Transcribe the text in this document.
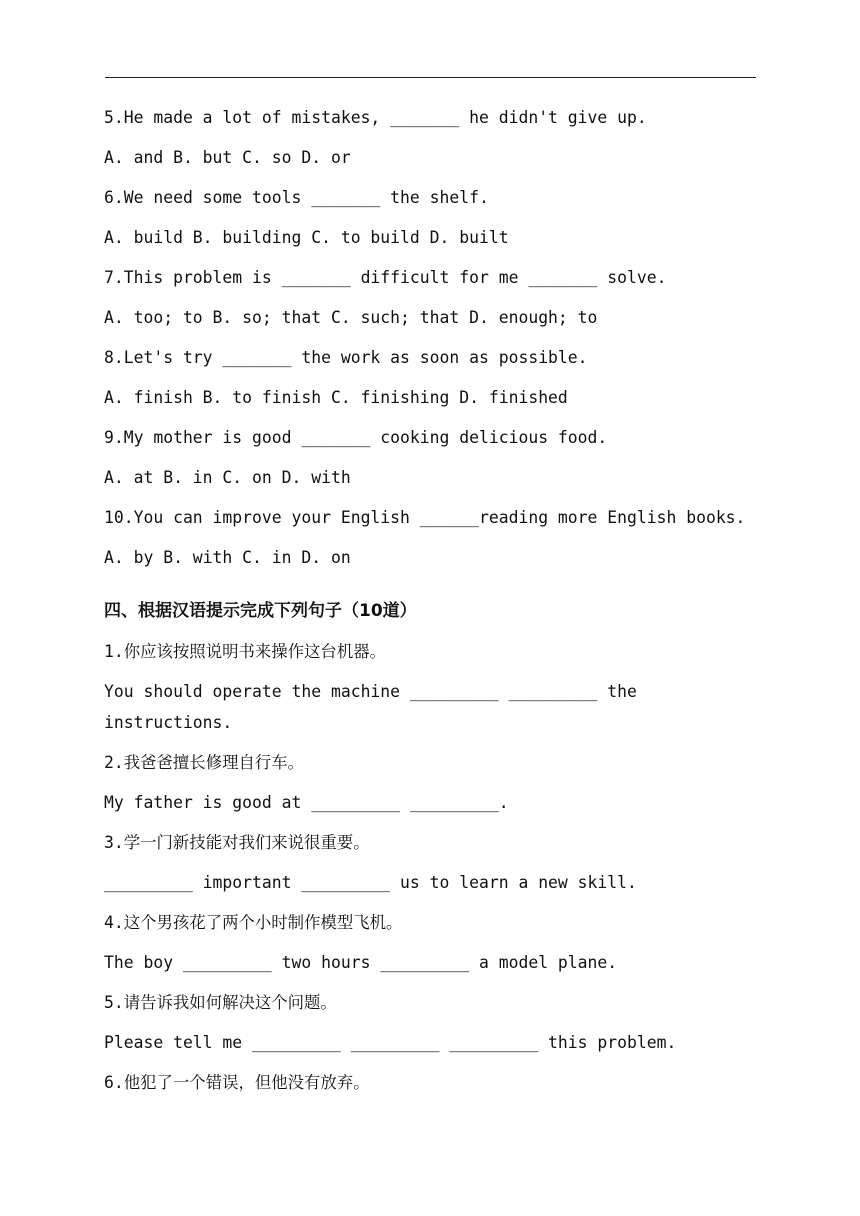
5.He made a lot of mistakes, _______ he didn't give up.
A. and B. but C. so D. or
6.We need some tools _______ the shelf.
A. build B. building C. to build D. built
7.This problem is _______ difficult for me _______ solve.
A. too; to B. so; that C. such; that D. enough; to
8.Let's try _______ the work as soon as possible.
A. finish B. to finish C. finishing D. finished
9.My mother is good _______ cooking delicious food.
A. at B. in C. on D. with
10.You can improve your English ______reading more English books.
A. by B. with C. in D. on
四、根据汉语提示完成下列句子（10道）
1.你应该按照说明书来操作这台机器。
You should operate the machine _________ _________ the instructions.
2.我爸爸擅长修理自行车。
My father is good at _________ _________.
3.学一门新技能对我们来说很重要。
_________ important _________ us to learn a new skill.
4.这个男孩花了两个小时制作模型飞机。
The boy _________ two hours _________ a model plane.
5.请告诉我如何解决这个问题。
Please tell me _________ _________ _________ this problem.
6.他犯了一个错误，但他没有放弃。
